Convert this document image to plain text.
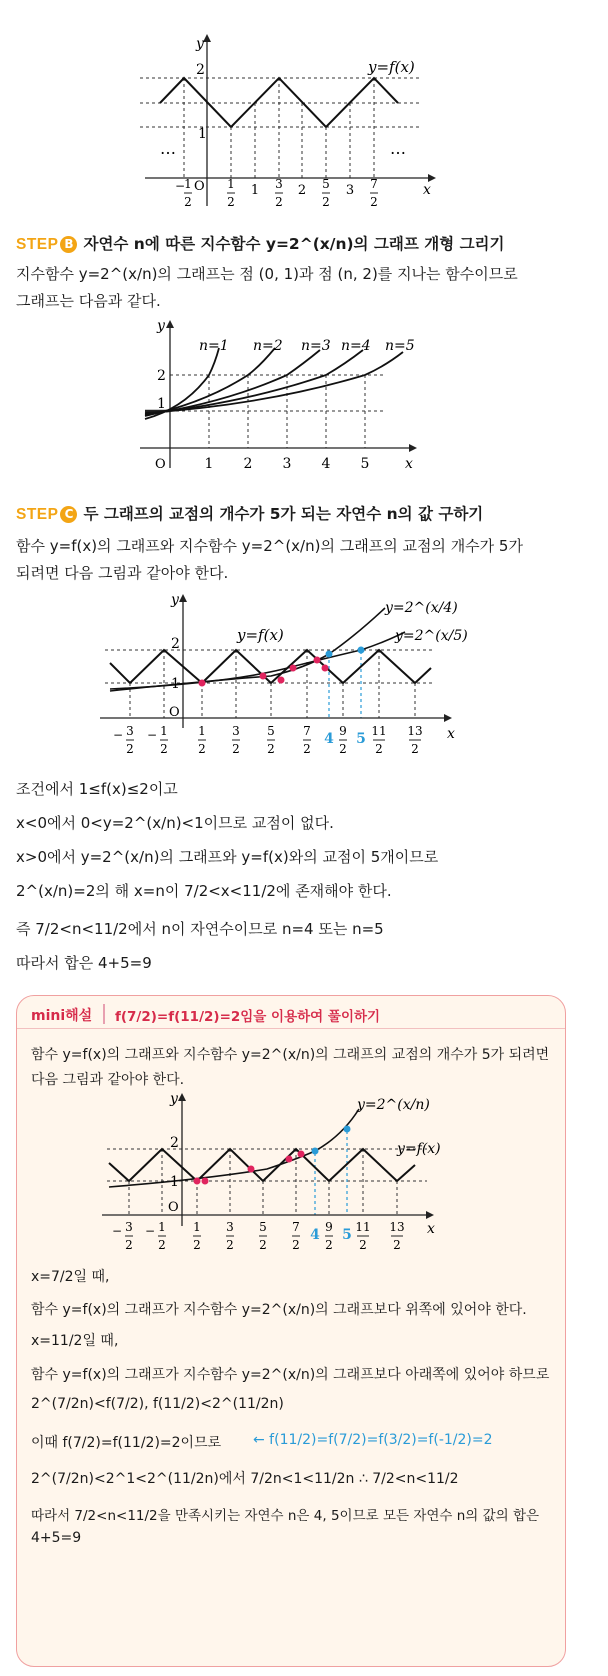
y
x
O
2
1
y=f(x)
…	…
− 1
2
1
2
1 3
2
2 5
2
3 7
2
STEP B 자연수 n에 따른 지수함수 y=2^(x/n)의 그래프 개형 그리기
지수함수 y=2^(x/n)의 그래프는 점 (0, 1)과 점 (n, 2)를 지나는 함수이므로
그래프는 다음과 같다.
y
x
O
2
1
1 2 3 4 5
n=1 n=2 n=3 n=4 n=5
STEP C 두 그래프의 교점의 개수가 5가 되는 자연수 n의 값 구하기
함수 y=f(x)의 그래프와 지수함수 y=2^(x/n)의 그래프의 교점의 개수가 5가
되려면 다음 그림과 같아야 한다.
y
x
O
2
1
y=f(x)
y=2^(x/4)
y=2^(x/5)
− 3
2
− 1
2
1
2
3
2
5
2
7
2
4 9
2
5 11
2
13
2
조건에서 1≤f(x)≤2이고
x<0에서 0<y=2^(x/n)<1이므로 교점이 없다.
x>0에서 y=2^(x/n)의 그래프와 y=f(x)와의 교점이 5개이므로
2^(x/n)=2의 해 x=n이 7/2<x<11/2에 존재해야 한다.
즉 7/2<n<11/2에서 n이 자연수이므로 n=4 또는 n=5
따라서 합은 4+5=9
mini해설 f(7/2)=f(11/2)=2임을 이용하여 풀이하기
함수 y=f(x)의 그래프와 지수함수 y=2^(x/n)의 그래프의 교점의 개수가 5가 되려면
다음 그림과 같아야 한다.
y
x
O
2
1
y=2^(x/n)
y=f(x)
− 3
2
− 1
2
1
2
3
2
5
2
7
2
4 9
2
5 11
2
13
2
x=7/2일 때,
함수 y=f(x)의 그래프가 지수함수 y=2^(x/n)의 그래프보다 위쪽에 있어야 한다.
x=11/2일 때,
함수 y=f(x)의 그래프가 지수함수 y=2^(x/n)의 그래프보다 아래쪽에 있어야 하므로
2^(7/2n)<f(7/2), f(11/2)<2^(11/2n)
이때 f(7/2)=f(11/2)=2이므로 ← f(11/2)=f(7/2)=f(3/2)=f(-1/2)=2
2^(7/2n)<2^1<2^(11/2n)에서 7/2n<1<11/2n ∴ 7/2<n<11/2
따라서 7/2<n<11/2을 만족시키는 자연수 n은 4, 5이므로 모든 자연수 n의 값의 합은
4+5=9
